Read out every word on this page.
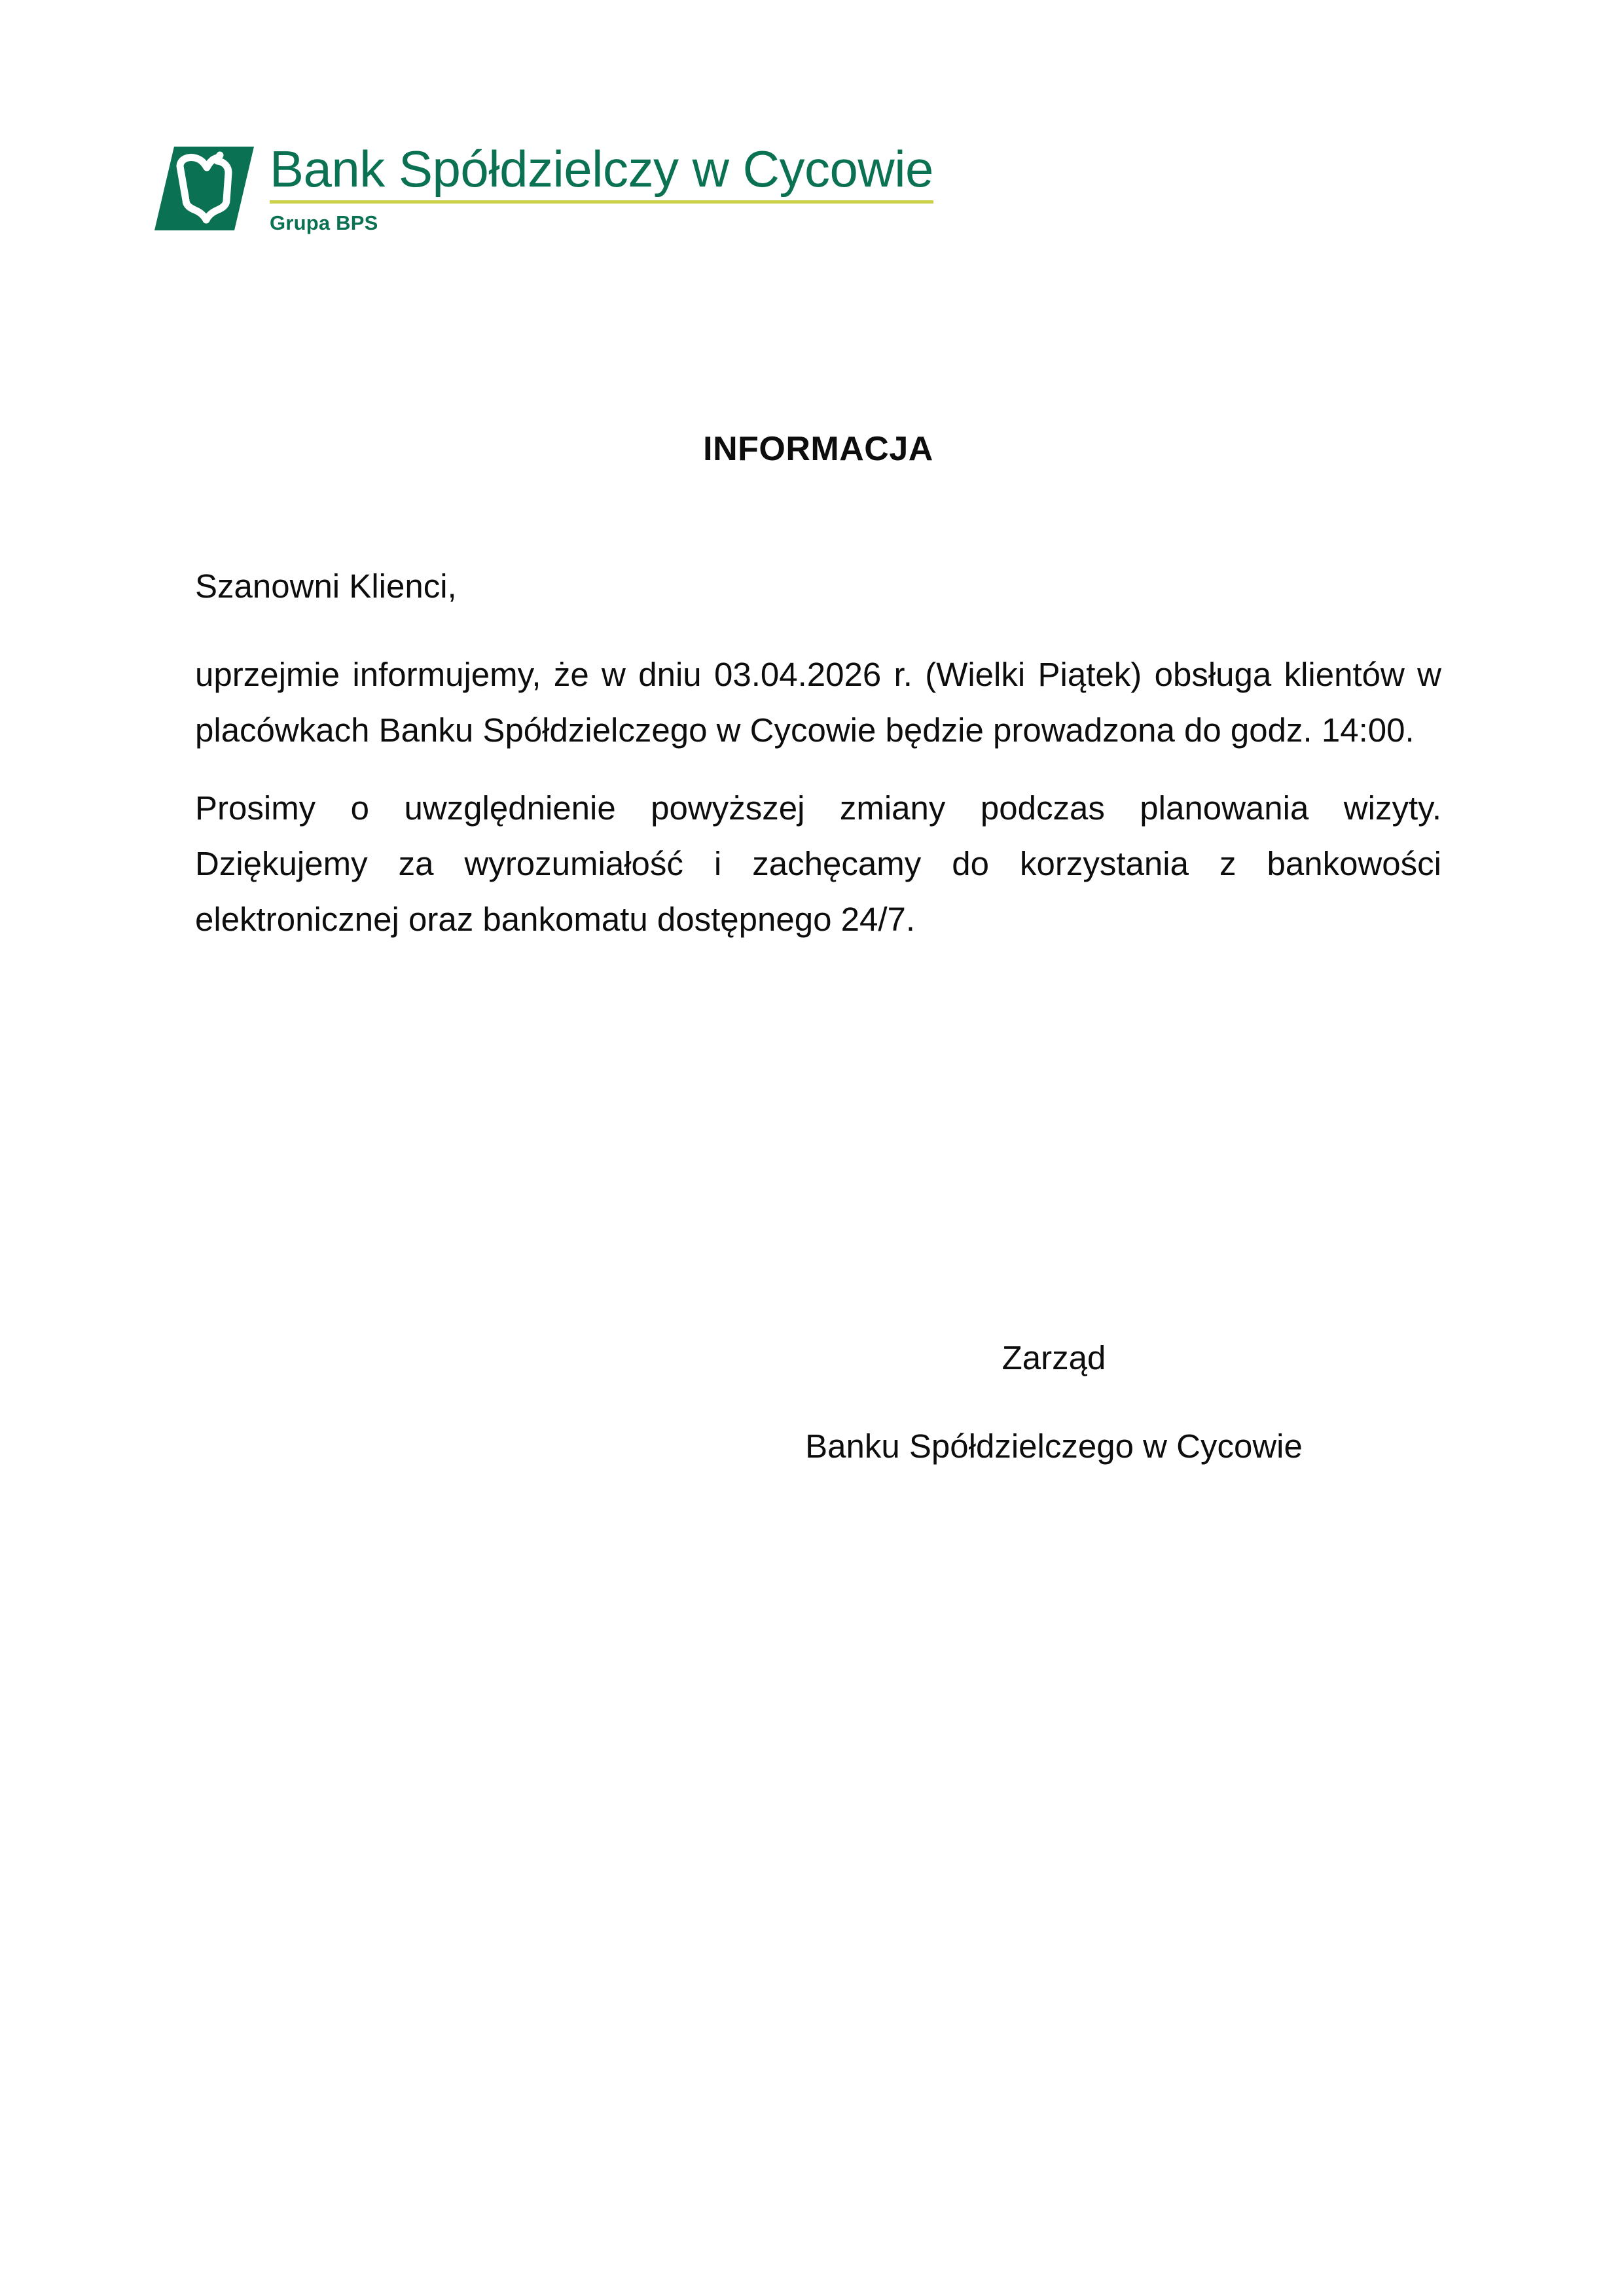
Bank Spółdzielczy w Cycowie
Grupa BPS
INFORMACJA

Szanowni Klienci,

uprzejmie informujemy, że w dniu 03.04.2026 r. (Wielki Piątek) obsługa klientów w placówkach Banku Spółdzielczego w Cycowie będzie prowadzona do godz. 14:00.

Prosimy o uwzględnienie powyższej zmiany podczas planowania wizyty. Dziękujemy za wyrozumiałość i zachęcamy do korzystania z bankowości elektronicznej oraz bankomatu dostępnego 24/7.

Zarząd
Banku Spółdzielczego w Cycowie
